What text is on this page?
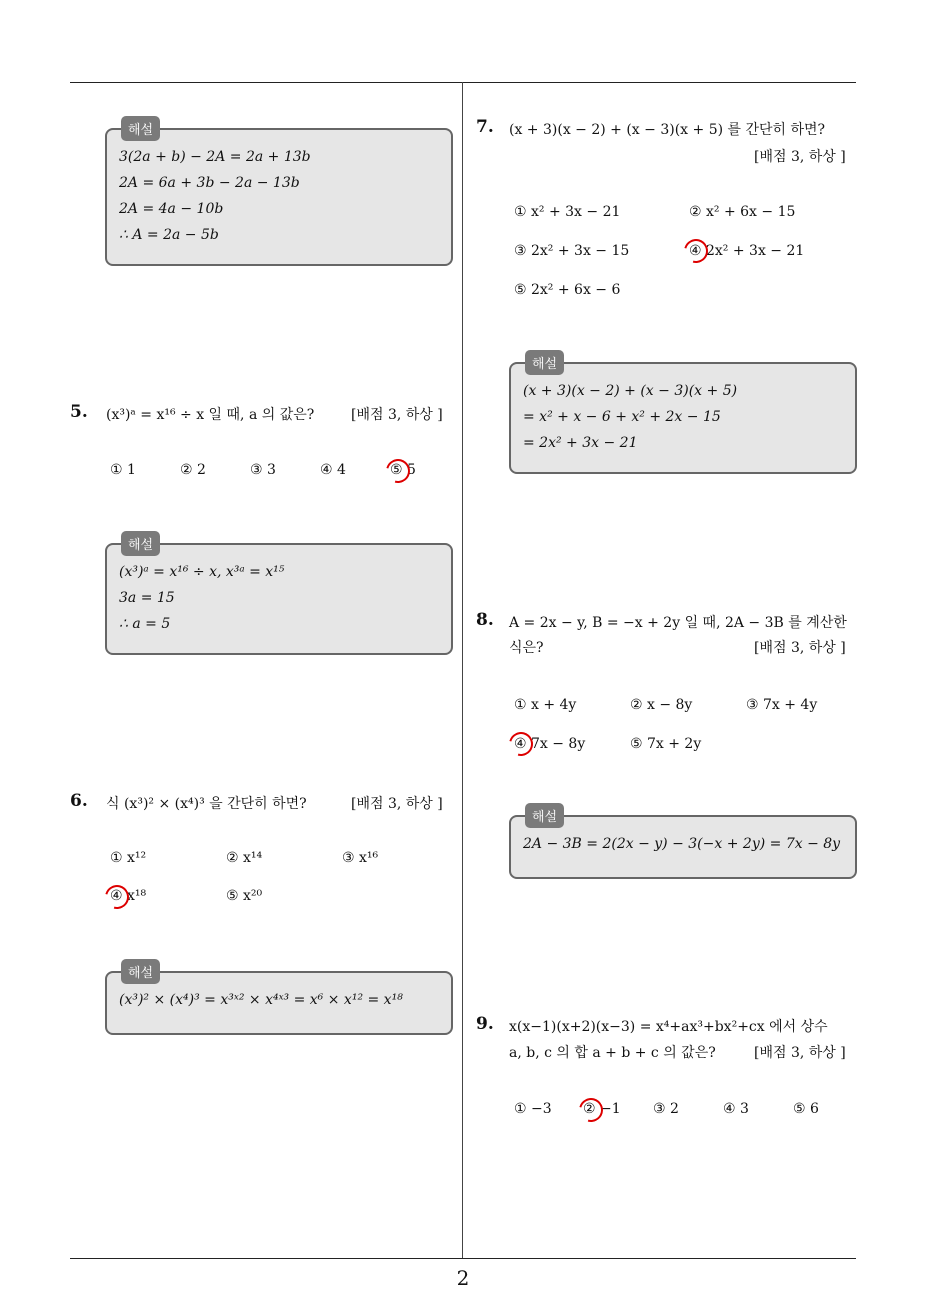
해설
3(2a + b) − 2A = 2a + 13b
2A = 6a + 3b − 2a − 13b
2A = 4a − 10b
∴ A = 2a − 5b
5. (x³)ᵃ = x¹⁶ ÷ x 일 때, a 의 값은?	[배점 3, 하상 ]
① 1	② 2	③ 3	④ 4	⑤ 5
해설
(x³)ᵃ = x¹⁶ ÷ x, x³ᵃ = x¹⁵
3a = 15
∴ a = 5
6. 식 (x³)² × (x⁴)³ 을 간단히 하면?	[배점 3, 하상 ]
① x¹²	② x¹⁴	③ x¹⁶
④ x¹⁸	⑤ x²⁰
해설
(x³)² × (x⁴)³ = x³ˣ² × x⁴ˣ³ = x⁶ × x¹² = x¹⁸
7. (x + 3)(x − 2) + (x − 3)(x + 5) 를 간단히 하면?
[배점 3, 하상 ]
① x² + 3x − 21	② x² + 6x − 15
③ 2x² + 3x − 15	④ 2x² + 3x − 21
⑤ 2x² + 6x − 6
해설
(x + 3)(x − 2) + (x − 3)(x + 5)
= x² + x − 6 + x² + 2x − 15
= 2x² + 3x − 21
8. A = 2x − y, B = −x + 2y 일 때, 2A − 3B 를 계산한
식은?	[배점 3, 하상 ]
① x + 4y	② x − 8y	③ 7x + 4y
④ 7x − 8y	⑤ 7x + 2y
해설
2A − 3B = 2(2x − y) − 3(−x + 2y) = 7x − 8y
9. x(x−1)(x+2)(x−3) = x⁴+ax³+bx²+cx 에서 상수
a, b, c 의 합 a + b + c 의 값은?	[배점 3, 하상 ]
① −3 ② −1 ③ 2	④ 3	⑤ 6
2
